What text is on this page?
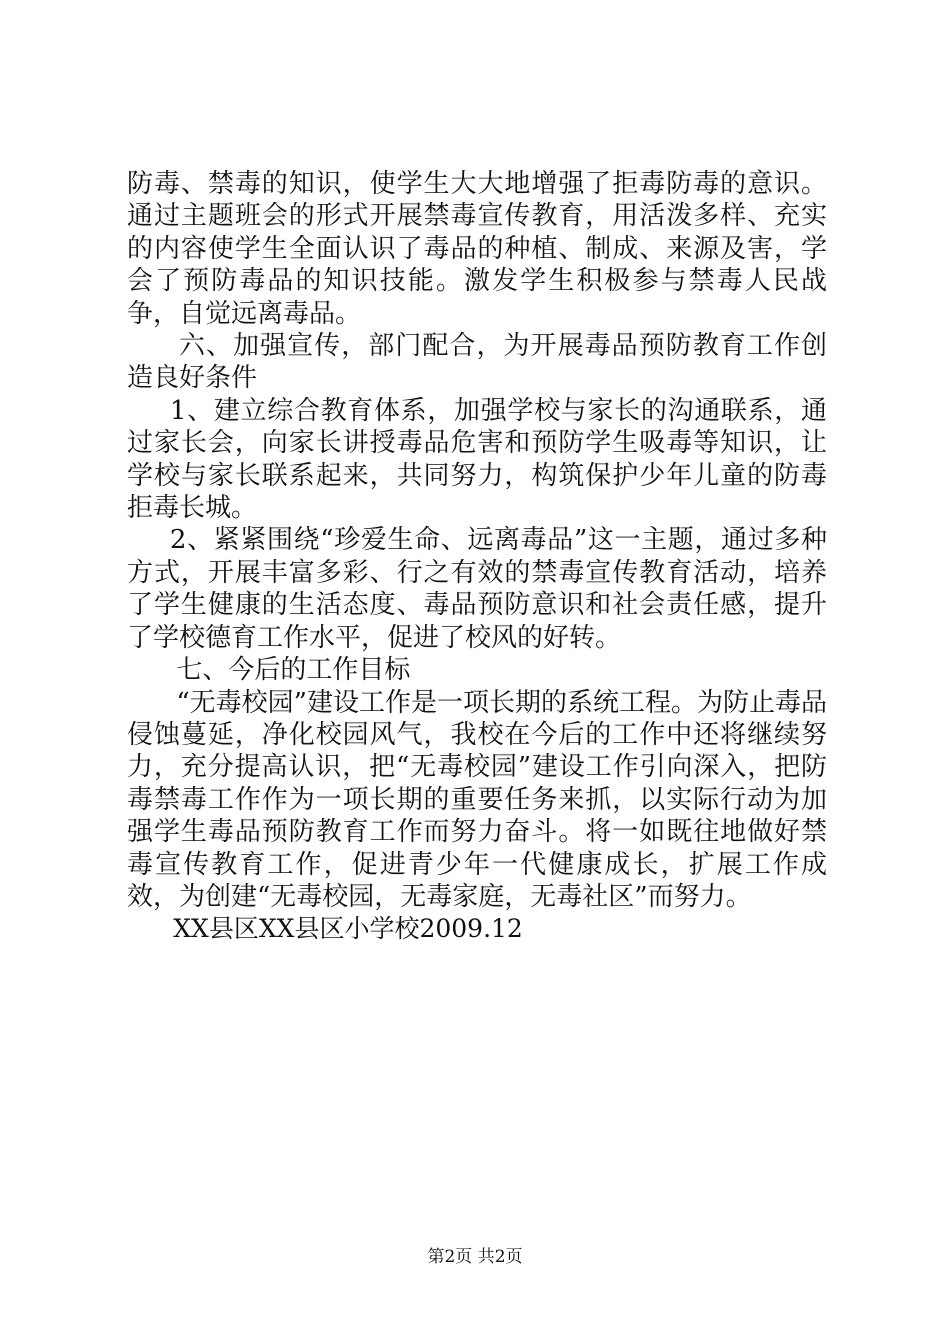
防毒、禁毒的知识，使学生大大地增强了拒毒防毒的意识。通过主题班会的形式开展禁毒宣传教育，用活泼多样、充实的内容使学生全面认识了毒品的种植、制成、来源及害，学会了预防毒品的知识技能。激发学生积极参与禁毒人民战争，自觉远离毒品。

六、加强宣传，部门配合，为开展毒品预防教育工作创造良好条件

1、建立综合教育体系，加强学校与家长的沟通联系，通过家长会，向家长讲授毒品危害和预防学生吸毒等知识，让学校与家长联系起来，共同努力，构筑保护少年儿童的防毒拒毒长城。

2、紧紧围绕“珍爱生命、远离毒品”这一主题，通过多种方式，开展丰富多彩、行之有效的禁毒宣传教育活动，培养了学生健康的生活态度、毒品预防意识和社会责任感，提升了学校德育工作水平，促进了校风的好转。

七、今后的工作目标

“无毒校园”建设工作是一项长期的系统工程。为防止毒品侵蚀蔓延，净化校园风气，我校在今后的工作中还将继续努力，充分提高认识，把“无毒校园”建设工作引向深入，把防毒禁毒工作作为一项长期的重要任务来抓，以实际行动为加强学生毒品预防教育工作而努力奋斗。将一如既往地做好禁毒宣传教育工作，促进青少年一代健康成长，扩展工作成效，为创建“无毒校园，无毒家庭，无毒社区”而努力。

XX县区XX县区小学校2009.12

第2页 共2页
